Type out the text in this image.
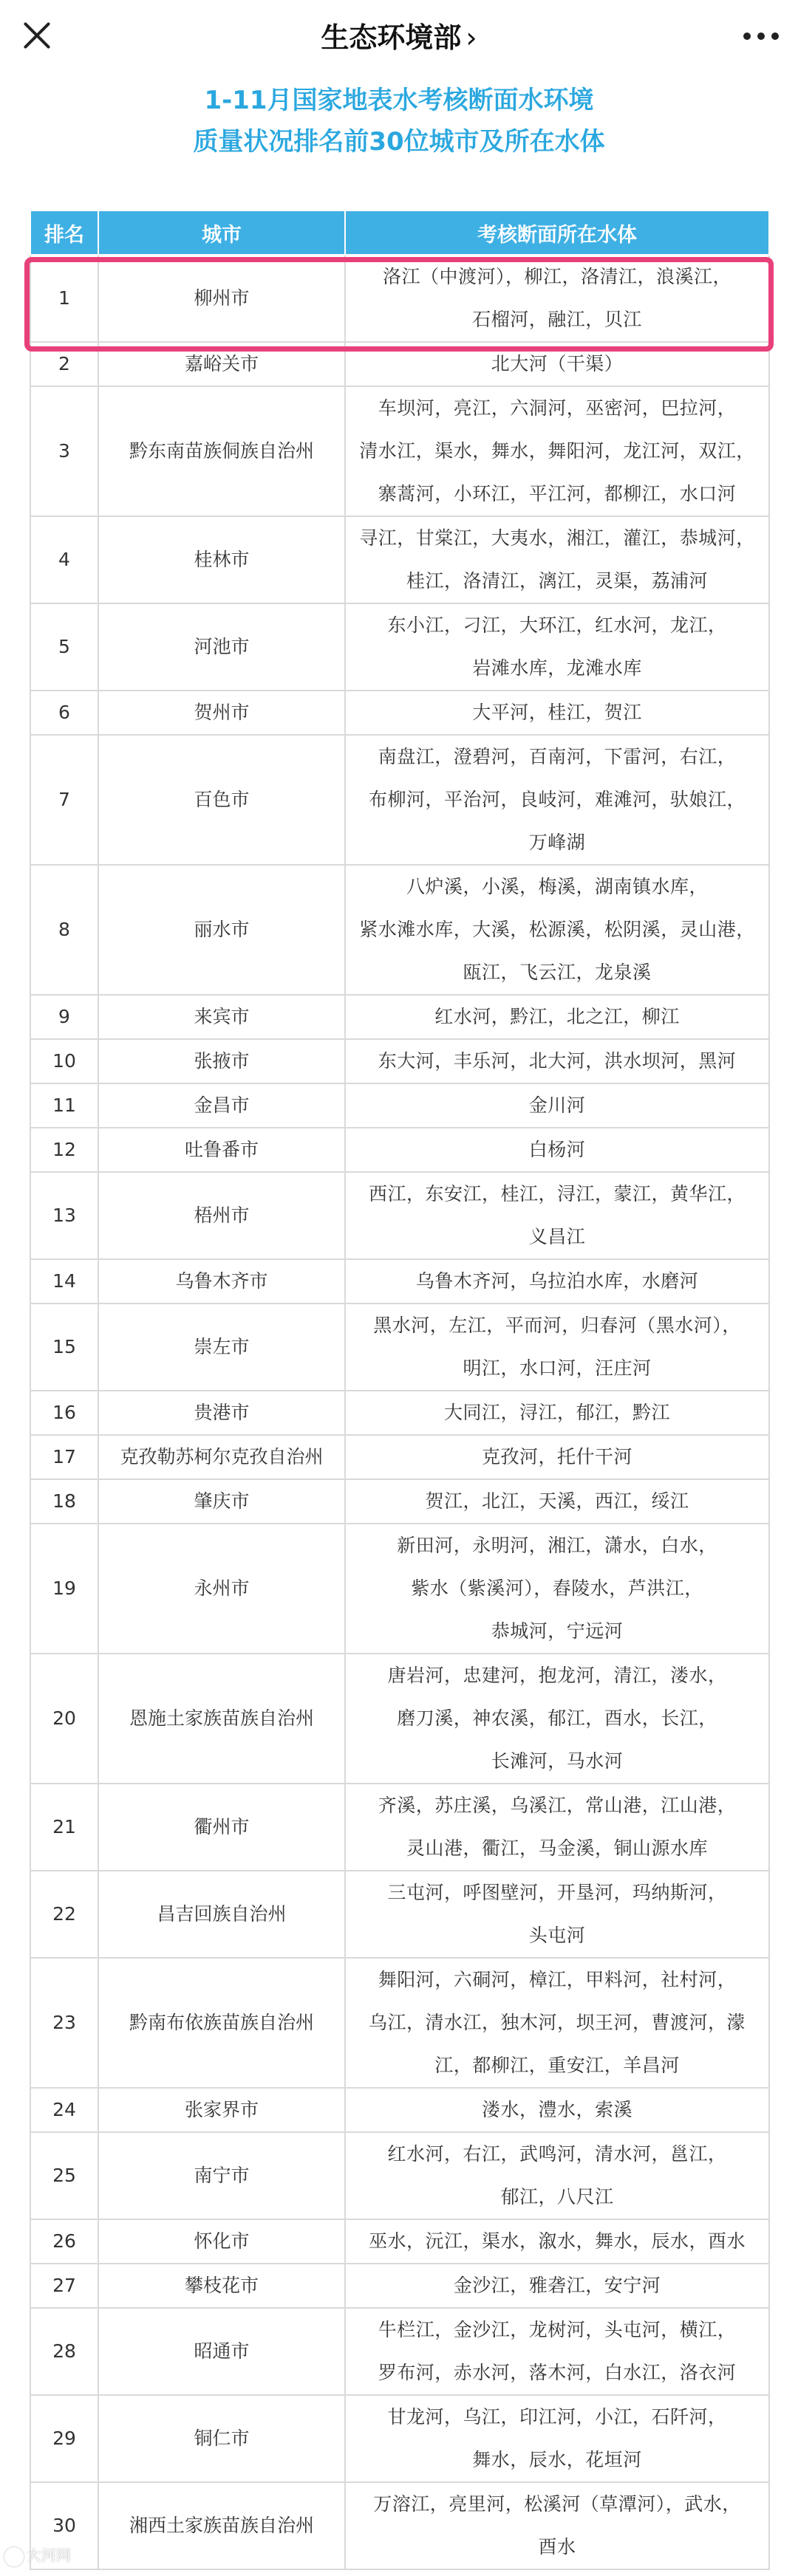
生态环境部 ›
1-11月国家地表水考核断面水环境
质量状况排名前30位城市及所在水体
排名	城市	考核断面所在水体
1	柳州市	洛江（中渡河），柳江，洛清江，浪溪江，
石榴河，融江，贝江

2	嘉峪关市	北大河（干渠）

3	黔东南苗族侗族自治州	车坝河，亮江，六洞河，巫密河，巴拉河，
清水江，渠水，舞水，舞阳河，龙江河，双江，
寨蒿河，小环江，平江河，都柳江，水口河

4	桂林市	寻江，甘棠江，大夷水，湘江，灌江，恭城河，
桂江，洛清江，漓江，灵渠，荔浦河

5	河池市	东小江，刁江，大环江，红水河，龙江，
岩滩水库，龙滩水库

6	贺州市	大平河，桂江，贺江

7	百色市	南盘江，澄碧河，百南河，下雷河，右江，
布柳河，平治河，良岐河，难滩河，驮娘江，
万峰湖

8	丽水市	八炉溪，小溪，梅溪，湖南镇水库，
紧水滩水库，大溪，松源溪，松阴溪，灵山港，
瓯江，飞云江，龙泉溪

9	来宾市	红水河，黔江，北之江，柳江

10	张掖市	东大河，丰乐河，北大河，洪水坝河，黑河

11	金昌市	金川河

12	吐鲁番市	白杨河

13	梧州市	西江，东安江，桂江，浔江，蒙江，黄华江，
义昌江

14	乌鲁木齐市	乌鲁木齐河，乌拉泊水库，水磨河

15	崇左市	黑水河，左江，平而河，归春河（黑水河），
明江，水口河，汪庄河

16	贵港市	大同江，浔江，郁江，黔江

17	克孜勒苏柯尔克孜自治州	克孜河，托什干河

18	肇庆市	贺江，北江，天溪，西江，绥江

19	永州市	新田河，永明河，湘江，潇水，白水，
紫水（紫溪河），舂陵水，芦洪江，
恭城河，宁远河

20	恩施土家族苗族自治州	唐岩河，忠建河，抱龙河，清江，溇水，
磨刀溪，神农溪，郁江，酉水，长江，
长滩河，马水河

21	衢州市	齐溪，苏庄溪，乌溪江，常山港，江山港，
灵山港，衢江，马金溪，铜山源水库

22	昌吉回族自治州	三屯河，呼图壁河，开垦河，玛纳斯河，
头屯河

23	黔南布依族苗族自治州	舞阳河，六硐河，樟江，甲料河，社村河，
乌江，清水江，独木河，坝王河，曹渡河，濛
江，都柳江，重安江，羊昌河

24	张家界市	溇水，澧水，索溪

25	南宁市	红水河，右江，武鸣河，清水河，邕江，
郁江，八尺江

26	怀化市	巫水，沅江，渠水，溆水，舞水，辰水，酉水

27	攀枝花市	金沙江，雅砻江，安宁河

28	昭通市	牛栏江，金沙江，龙树河，头屯河，横江，
罗布河，赤水河，落木河，白水江，洛衣河

29	铜仁市	甘龙河，乌江，印江河，小江，石阡河，
舞水，辰水，花垣河

30	湘西土家族苗族自治州	万溶江，亮里河，松溪河（草潭河），武水，
酉水
大河网
